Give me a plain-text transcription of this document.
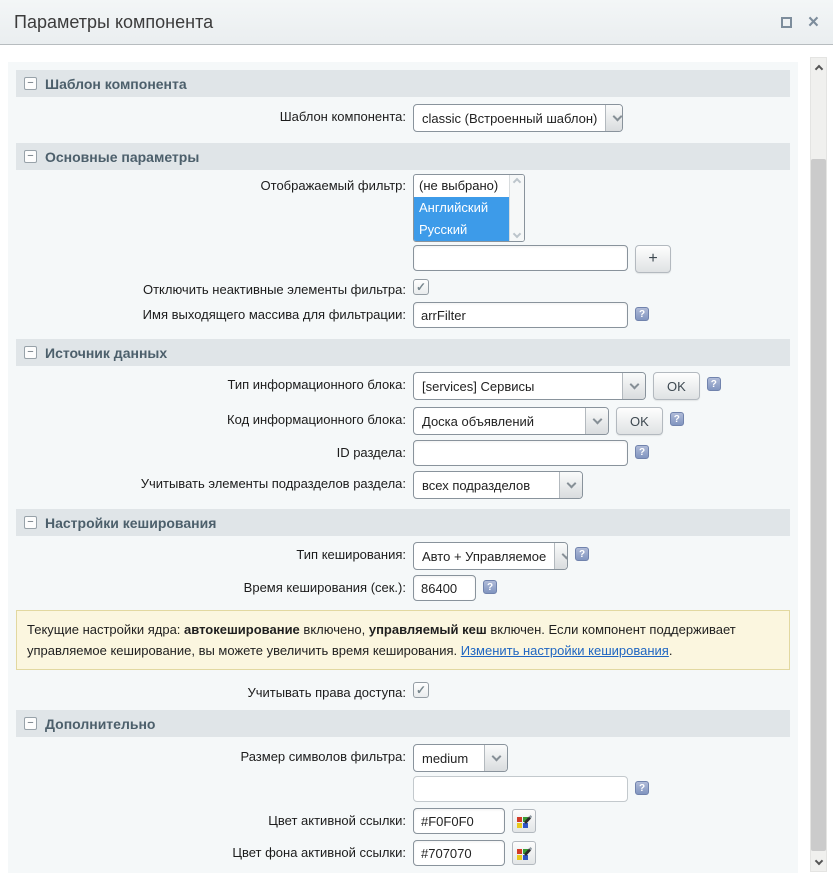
Параметры компонента	×
− Шаблон компонента
Шаблон компонента:	classic (Встроенный шаблон)
− Основные параметры
Отображаемый фильтр:	(не выбрано)
Английский
Русский
+
Отключить неактивные элементы фильтра: ✓
Имя выходящего массива для фильтрации:
arrFilter	?
− Источник данных
Тип информационного блока:	[services] Сервисы	OK	?
Код информационного блока:	Доска объявлений	OK	?
ID раздела:	?
Учитывать элементы подразделов раздела:	всех подразделов
− Настройки кеширования
Тип кеширования:	Авто + Управляемое	?
Время кеширования (сек.):
86400	?
Текущие настройки ядра: автокеширование включено, управляемый кеш включен. Если компонент поддерживает управляемое кеширование, вы можете увеличить время кеширования. Изменить настройки кеширования.
Учитывать права доступа: ✓
− Дополнительно
Размер символов фильтра:	medium
?
Цвет активной ссылки:
#F0F0F0
Цвет фона активной ссылки:
#707070
